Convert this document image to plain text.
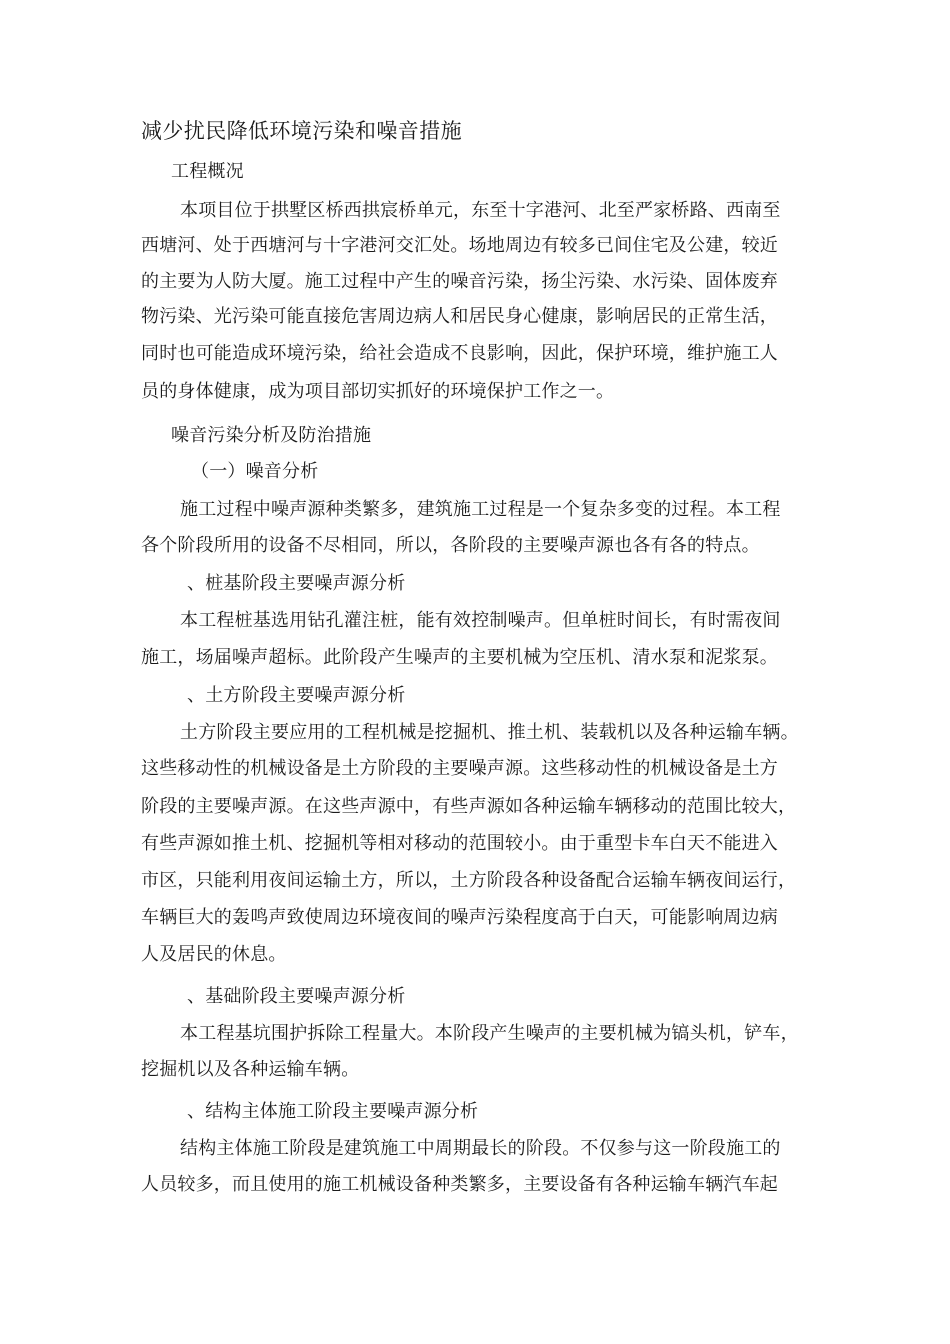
减少扰民降低环境污染和噪音措施
工程概况
本项目位于拱墅区桥西拱宸桥单元，东至十字港河、北至严家桥路、西南至
西塘河、处于西塘河与十字港河交汇处。场地周边有较多已间住宅及公建，较近
的主要为人防大厦。施工过程中产生的噪音污染，扬尘污染、水污染、固体废弃
物污染、光污染可能直接危害周边病人和居民身心健康，影响居民的正常生活，
同时也可能造成环境污染，给社会造成不良影响，因此，保护环境，维护施工人
员的身体健康，成为项目部切实抓好的环境保护工作之一。
噪音污染分析及防治措施
（一）噪音分析
施工过程中噪声源种类繁多，建筑施工过程是一个复杂多变的过程。本工程
各个阶段所用的设备不尽相同，所以，各阶段的主要噪声源也各有各的特点。
、桩基阶段主要噪声源分析
本工程桩基选用钻孔灌注桩，能有效控制噪声。但单桩时间长，有时需夜间
施工，场届噪声超标。此阶段产生噪声的主要机械为空压机、清水泵和泥浆泵。
、土方阶段主要噪声源分析
土方阶段主要应用的工程机械是挖掘机、推土机、装载机以及各种运输车辆。
这些移动性的机械设备是土方阶段的主要噪声源。这些移动性的机械设备是土方
阶段的主要噪声源。在这些声源中，有些声源如各种运输车辆移动的范围比较大，
有些声源如推土机、挖掘机等相对移动的范围较小。由于重型卡车白天不能进入
市区，只能利用夜间运输土方，所以，土方阶段各种设备配合运输车辆夜间运行，
车辆巨大的轰鸣声致使周边环境夜间的噪声污染程度高于白天，可能影响周边病
人及居民的休息。
、基础阶段主要噪声源分析
本工程基坑围护拆除工程量大。本阶段产生噪声的主要机械为镐头机，铲车，
挖掘机以及各种运输车辆。
、结构主体施工阶段主要噪声源分析
结构主体施工阶段是建筑施工中周期最长的阶段。不仅参与这一阶段施工的
人员较多，而且使用的施工机械设备种类繁多，主要设备有各种运输车辆汽车起
